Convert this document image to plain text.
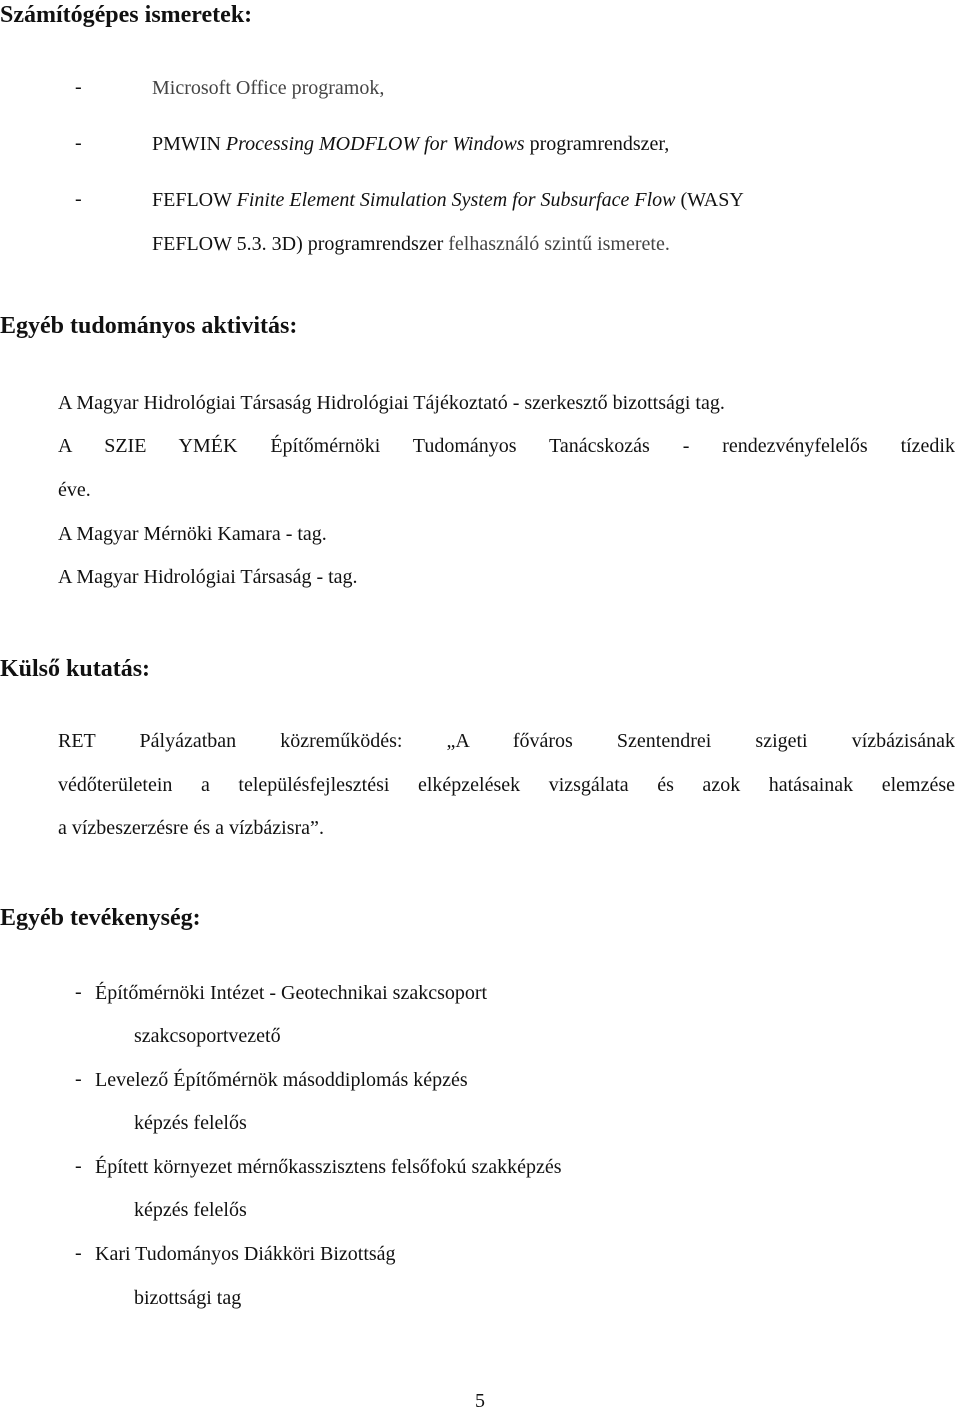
Számítógépes ismeretek:
-	Microsoft Office programok,
-	PMWIN Processing MODFLOW for Windows programrendszer,
-	FEFLOW Finite Element Simulation System for Subsurface Flow (WASY
FEFLOW 5.3. 3D) programrendszer felhasználó szintű ismerete.
Egyéb tudományos aktivitás:
A Magyar Hidrológiai Társaság Hidrológiai Tájékoztató - szerkesztő bizottsági tag.
A SZIE YMÉK Építőmérnöki Tudományos Tanácskozás - rendezvényfelelős tízedik
éve.
A Magyar Mérnöki Kamara - tag.
A Magyar Hidrológiai Társaság - tag.
Külső kutatás:
RET Pályázatban közreműködés: „A főváros Szentendrei szigeti vízbázisának
védőterületein a településfejlesztési elképzelések vizsgálata és azok hatásainak elemzése
a vízbeszerzésre és a vízbázisra”.
Egyéb tevékenység:
- Építőmérnöki Intézet - Geotechnikai szakcsoport
szakcsoportvezető
- Levelező Építőmérnök másoddiplomás képzés
képzés felelős
- Épített környezet mérnőkasszisztens felsőfokú szakképzés
képzés felelős
- Kari Tudományos Diákköri Bizottság
bizottsági tag
5
